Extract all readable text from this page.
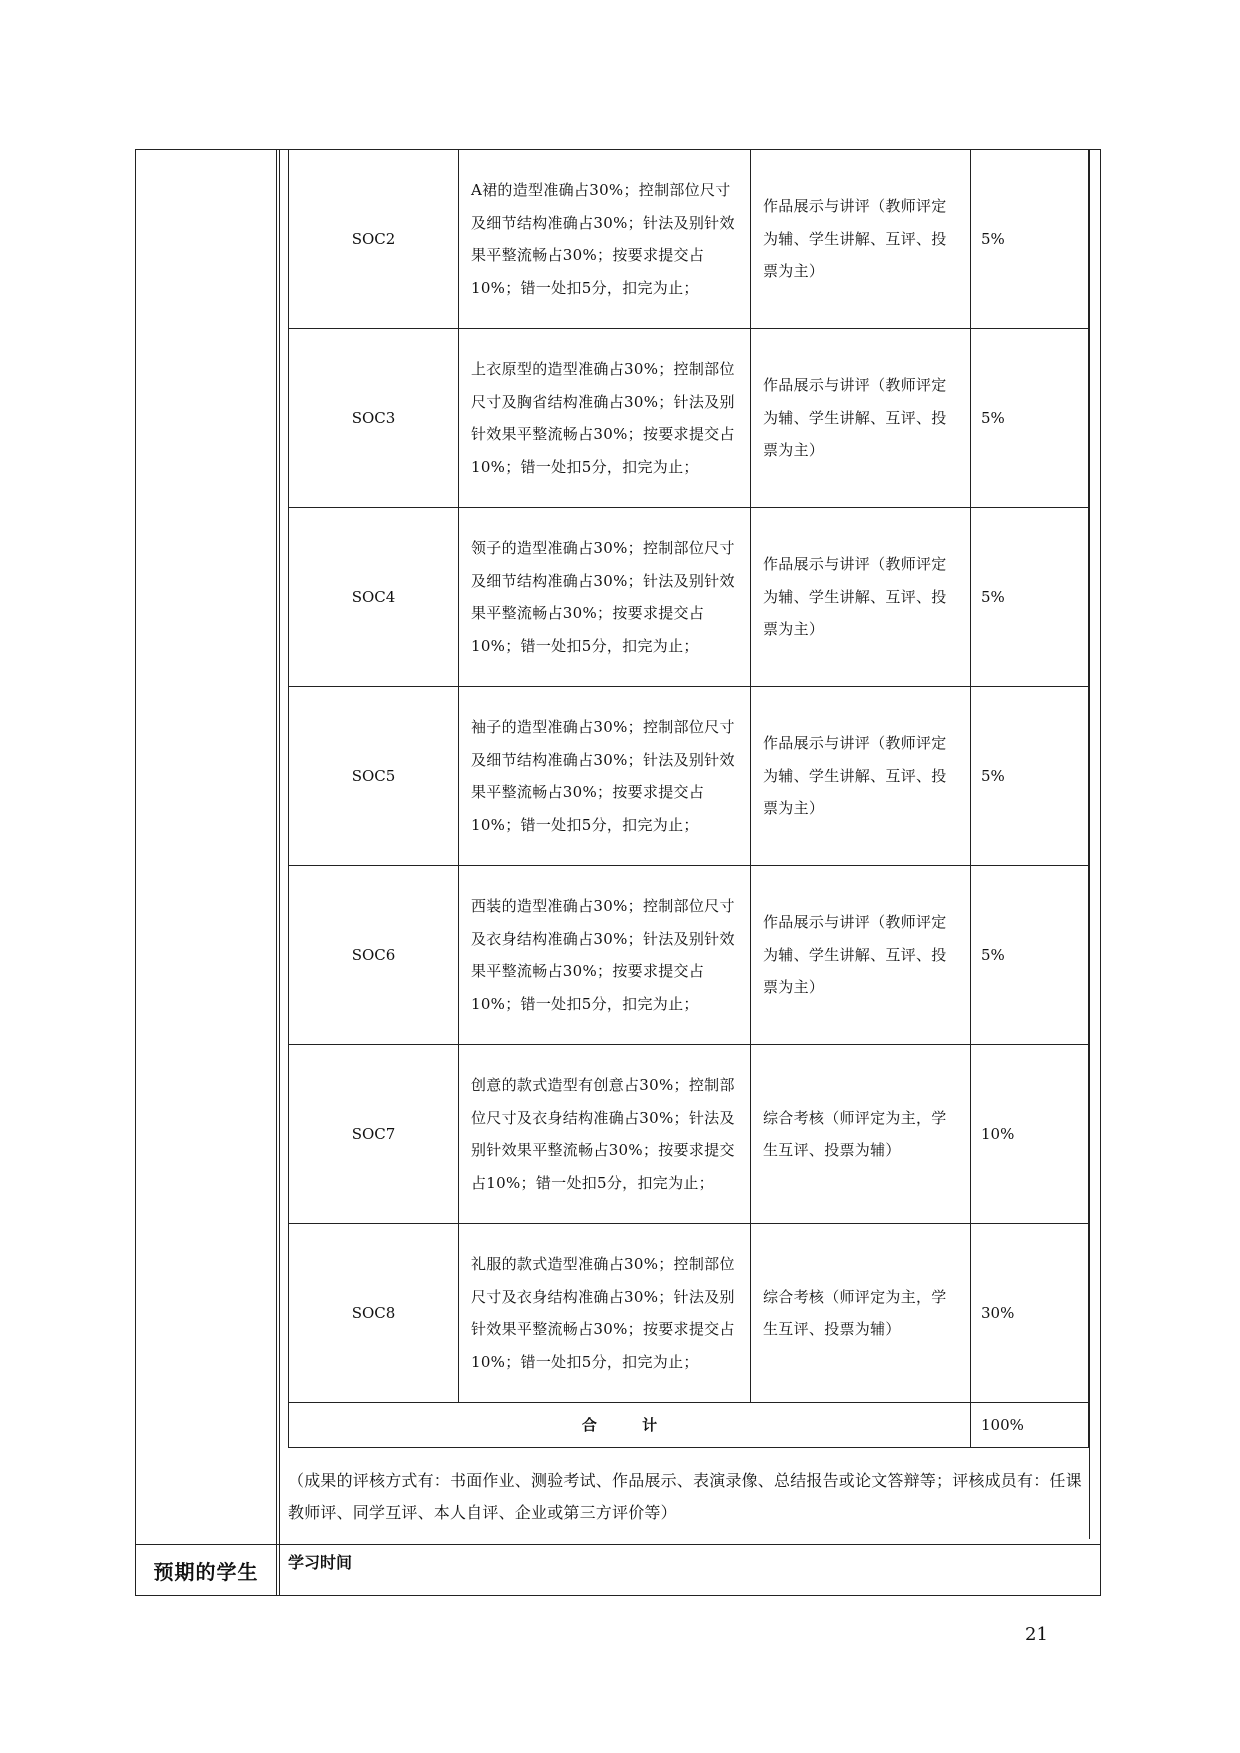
预期的学生	学习时间
SOC2	A裙的造型准确占30%；控制部位尺寸及细节结构准确占30%；针法及别针效果平整流畅占30%；按要求提交占10%；错一处扣5分，扣完为止；	作品展示与讲评（教师评定为辅、学生讲解、互评、投票为主）	5%
SOC3	上衣原型的造型准确占30%；控制部位尺寸及胸省结构准确占30%；针法及别针效果平整流畅占30%；按要求提交占10%；错一处扣5分，扣完为止；	作品展示与讲评（教师评定为辅、学生讲解、互评、投票为主）	5%
SOC4	领子的造型准确占30%；控制部位尺寸及细节结构准确占30%；针法及别针效果平整流畅占30%；按要求提交占10%；错一处扣5分，扣完为止；	作品展示与讲评（教师评定为辅、学生讲解、互评、投票为主）	5%
SOC5	袖子的造型准确占30%；控制部位尺寸及细节结构准确占30%；针法及别针效果平整流畅占30%；按要求提交占10%；错一处扣5分，扣完为止；	作品展示与讲评（教师评定为辅、学生讲解、互评、投票为主）	5%
SOC6	西装的造型准确占30%；控制部位尺寸及衣身结构准确占30%；针法及别针效果平整流畅占30%；按要求提交占10%；错一处扣5分，扣完为止；	作品展示与讲评（教师评定为辅、学生讲解、互评、投票为主）	5%
SOC7	创意的款式造型有创意占30%；控制部位尺寸及衣身结构准确占30%；针法及别针效果平整流畅占30%；按要求提交占10%；错一处扣5分，扣完为止；	综合考核（师评定为主，学生互评、投票为辅）	10%
SOC8	礼服的款式造型准确占30%；控制部位尺寸及衣身结构准确占30%；针法及别针效果平整流畅占30%；按要求提交占10%；错一处扣5分，扣完为止；	综合考核（师评定为主，学生互评、投票为辅）	30%
合 计			100%
（成果的评核方式有：书面作业、测验考试、作品展示、表演录像、总结报告或论文答辩等；评核成员有：任课教师评、同学互评、本人自评、企业或第三方评价等）
21
